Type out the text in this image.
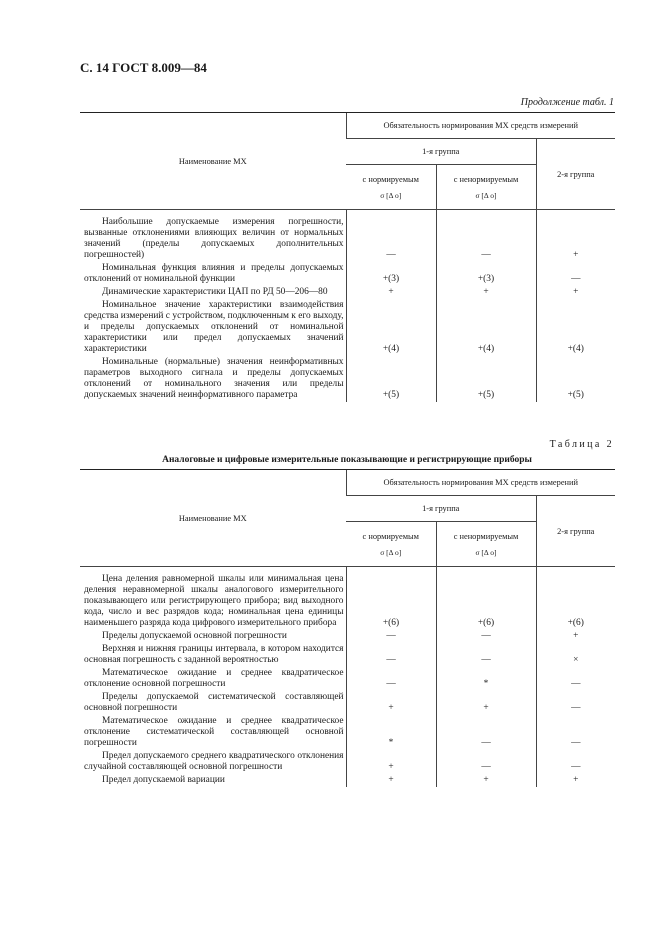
С. 14 ГОСТ 8.009—84
Продолжение табл. 1
Наименование МХ	Обязательность нормирования МХ средств измерений		
	1-я группа		2-я группа
	с нормируемым
σ [Δ о]	с ненормируемым
σ [Δ о]	

Наибольшие допускаемые измерения погрешности, вызванные отклонениями влияющих величин от нормальных значений (пределы допускаемых дополнительных погрешностей)	—	—	+
Номинальная функция влияния и пределы допускаемых отклонений от номинальной функции	+(3)	+(3)	—
Динамические характеристики ЦАП по РД 50—206—80	+	+	+
Номинальное значение характеристики взаимодействия средства измерений с устройством, подключенным к его выходу, и пределы допускаемых отклонений от номинальной характеристики или предел допускаемых значений характеристики	+(4)	+(4)	+(4)
Номинальные (нормальные) значения неинформативных параметров выходного сигнала и пределы допускаемых отклонений от номинального значения или пределы допускаемых значений неинформативного параметра	+(5)	+(5)	+(5)
Таблица 2
Аналоговые и цифровые измерительные показывающие и регистрирующие приборы
Наименование МХ	Обязательность нормирования МХ средств измерений		
	1-я группа		2-я группа
	с нормируемым
σ [Δ о]	с ненормируемым
σ [Δ о]	

Цена деления равномерной шкалы или минимальная цена деления неравномерной шкалы аналогового измерительного показывающего или регистрирующего прибора; вид выходного кода, число и вес разрядов кода; номинальная цена единицы наименьшего разряда кода цифрового измерительного прибора	+(6)	+(6)	+(6)
Пределы допускаемой основной погрешности	—	—	+
Верхняя и нижняя границы интервала, в котором находится основная погрешность с заданной вероятностью	—	—	×
Математическое ожидание и среднее квадратическое отклонение основной погрешности	—	*	—
Пределы допускаемой систематической составляющей основной погрешности	+	+	—
Математическое ожидание и среднее квадратическое отклонение систематической составляющей основной погрешности	*	—	—
Предел допускаемого среднего квадратического отклонения случайной составляющей основной погрешности	+	—	—
Предел допускаемой вариации	+	+	+
